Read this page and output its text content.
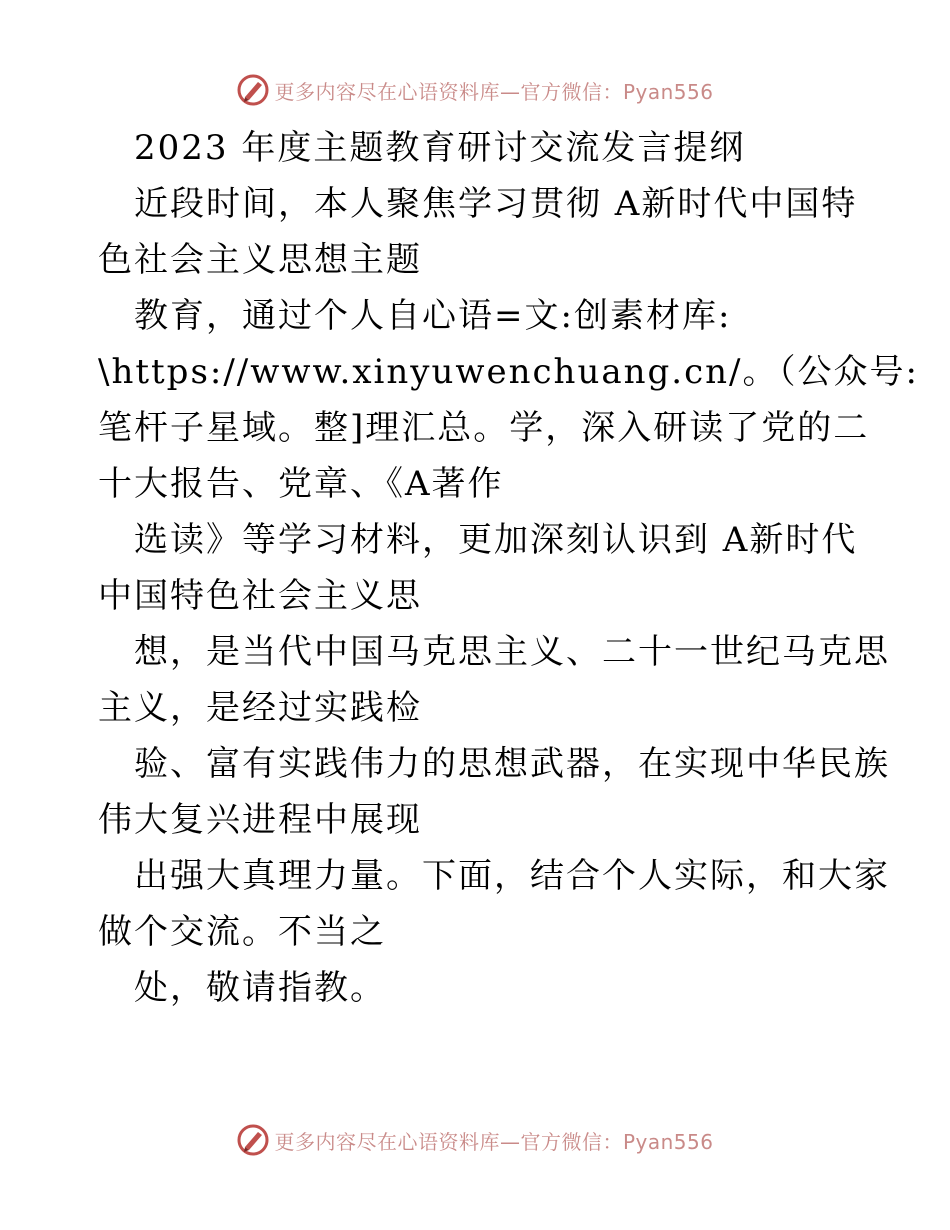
更多内容尽在心语资料库—官方微信：Pyan556
2023 年度主题教育研讨交流发言提纲
近段时间，本人聚焦学习贯彻 A新时代中国特
色社会主义思想主题
教育，通过个人自心语=文:创素材库:
\https://www.xinyuwenchuang.cn/。（公众号:
笔杆子星域。整]理汇总。学，深入研读了党的二
十大报告、党章、《A著作
选读》等学习材料，更加深刻认识到 A新时代
中国特色社会主义思
想，是当代中国马克思主义、二十一世纪马克思
主义，是经过实践检
验、富有实践伟力的思想武器，在实现中华民族
伟大复兴进程中展现
出强大真理力量。下面，结合个人实际，和大家
做个交流。不当之
处，敬请指教。
更多内容尽在心语资料库—官方微信：Pyan556
